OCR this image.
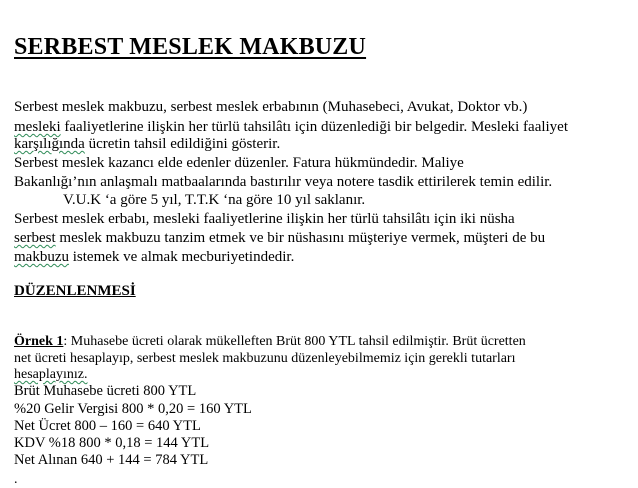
SERBEST MESLEK MAKBUZU
Serbest meslek makbuzu, serbest meslek erbabının (Muhasebeci, Avukat, Doktor vb.)
mesleki faaliyetlerine ilişkin her türlü tahsilâtı için düzenlediği bir belgedir. Mesleki faaliyet
karşılığında ücretin tahsil edildiğini gösterir.
Serbest meslek kazancı elde edenler düzenler. Fatura hükmündedir. Maliye
Bakanlığı’nın anlaşmalı matbaalarında bastırılır veya notere tasdik ettirilerek temin edilir.
V.U.K ‘a göre 5 yıl, T.T.K ‘na göre 10 yıl saklanır.
Serbest meslek erbabı, mesleki faaliyetlerine ilişkin her türlü tahsilâtı için iki nüsha
serbest meslek makbuzu tanzim etmek ve bir nüshasını müşteriye vermek, müşteri de bu
makbuzu istemek ve almak mecburiyetindedir.
DÜZENLENMESİ
Örnek 1: Muhasebe ücreti olarak mükelleften Brüt 800 YTL tahsil edilmiştir. Brüt ücretten
net ücreti hesaplayıp, serbest meslek makbuzunu düzenleyebilmemiz için gerekli tutarları
hesaplayınız.
Brüt Muhasebe ücreti 800 YTL
%20 Gelir Vergisi 800 * 0,20 = 160 YTL
Net Ücret 800 – 160 = 640 YTL
KDV %18 800 * 0,18 = 144 YTL
Net Alınan 640 + 144 = 784 YTL
.
